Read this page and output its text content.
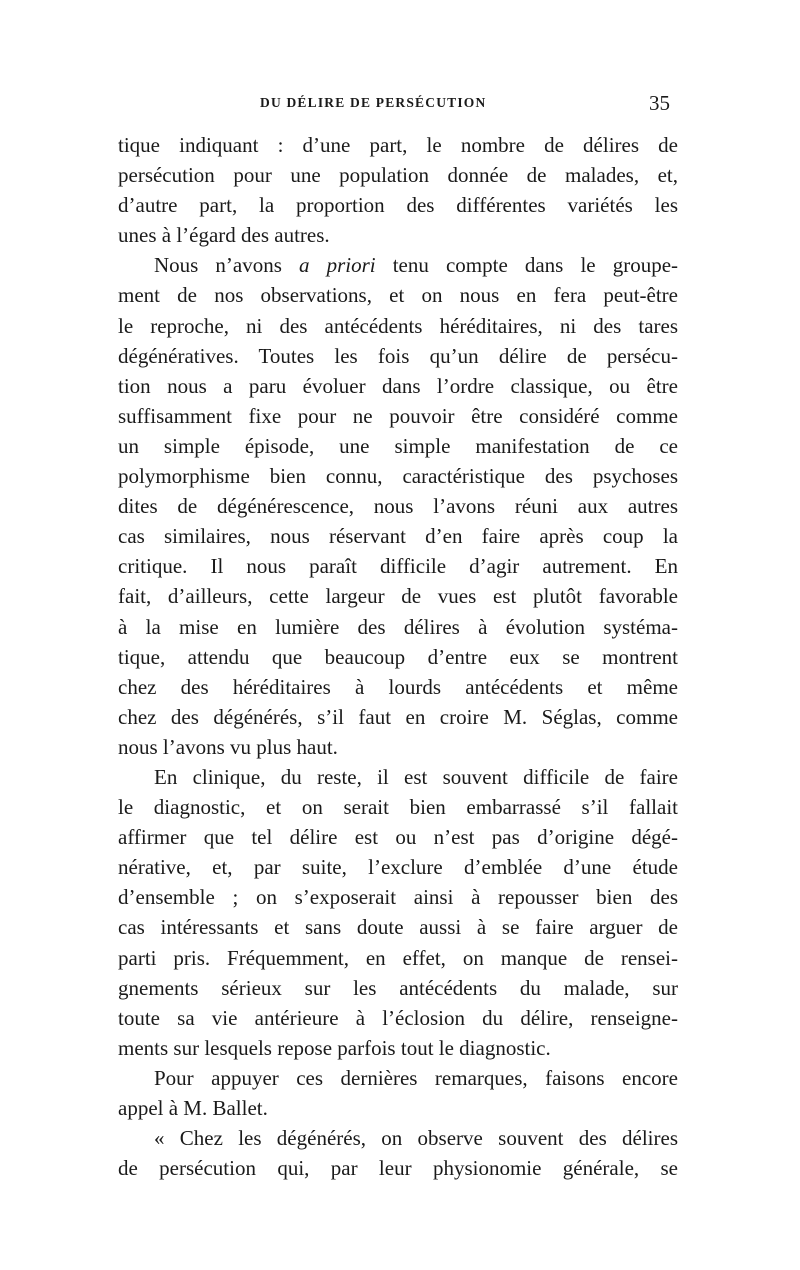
DU DÉLIRE DE PERSÉCUTION	35
tique indiquant : d’une part, le nombre de délires de
persécution pour une population donnée de malades, et,
d’autre part, la proportion des différentes variétés les
unes à l’égard des autres.
Nous n’avons a priori tenu compte dans le groupe-
ment de nos observations, et on nous en fera peut-être
le reproche, ni des antécédents héréditaires, ni des tares
dégénératives. Toutes les fois qu’un délire de persécu-
tion nous a paru évoluer dans l’ordre classique, ou être
suffisamment fixe pour ne pouvoir être considéré comme
un simple épisode, une simple manifestation de ce
polymorphisme bien connu, caractéristique des psychoses
dites de dégénérescence, nous l’avons réuni aux autres
cas similaires, nous réservant d’en faire après coup la
critique. Il nous paraît difficile d’agir autrement. En
fait, d’ailleurs, cette largeur de vues est plutôt favorable
à la mise en lumière des délires à évolution systéma-
tique, attendu que beaucoup d’entre eux se montrent
chez des héréditaires à lourds antécédents et même
chez des dégénérés, s’il faut en croire M. Séglas, comme
nous l’avons vu plus haut.
En clinique, du reste, il est souvent difficile de faire
le diagnostic, et on serait bien embarrassé s’il fallait
affirmer que tel délire est ou n’est pas d’origine dégé-
nérative, et, par suite, l’exclure d’emblée d’une étude
d’ensemble ; on s’exposerait ainsi à repousser bien des
cas intéressants et sans doute aussi à se faire arguer de
parti pris. Fréquemment, en effet, on manque de rensei-
gnements sérieux sur les antécédents du malade, sur
toute sa vie antérieure à l’éclosion du délire, renseigne-
ments sur lesquels repose parfois tout le diagnostic.
Pour appuyer ces dernières remarques, faisons encore
appel à M. Ballet.
« Chez les dégénérés, on observe souvent des délires
de persécution qui, par leur physionomie générale, se
